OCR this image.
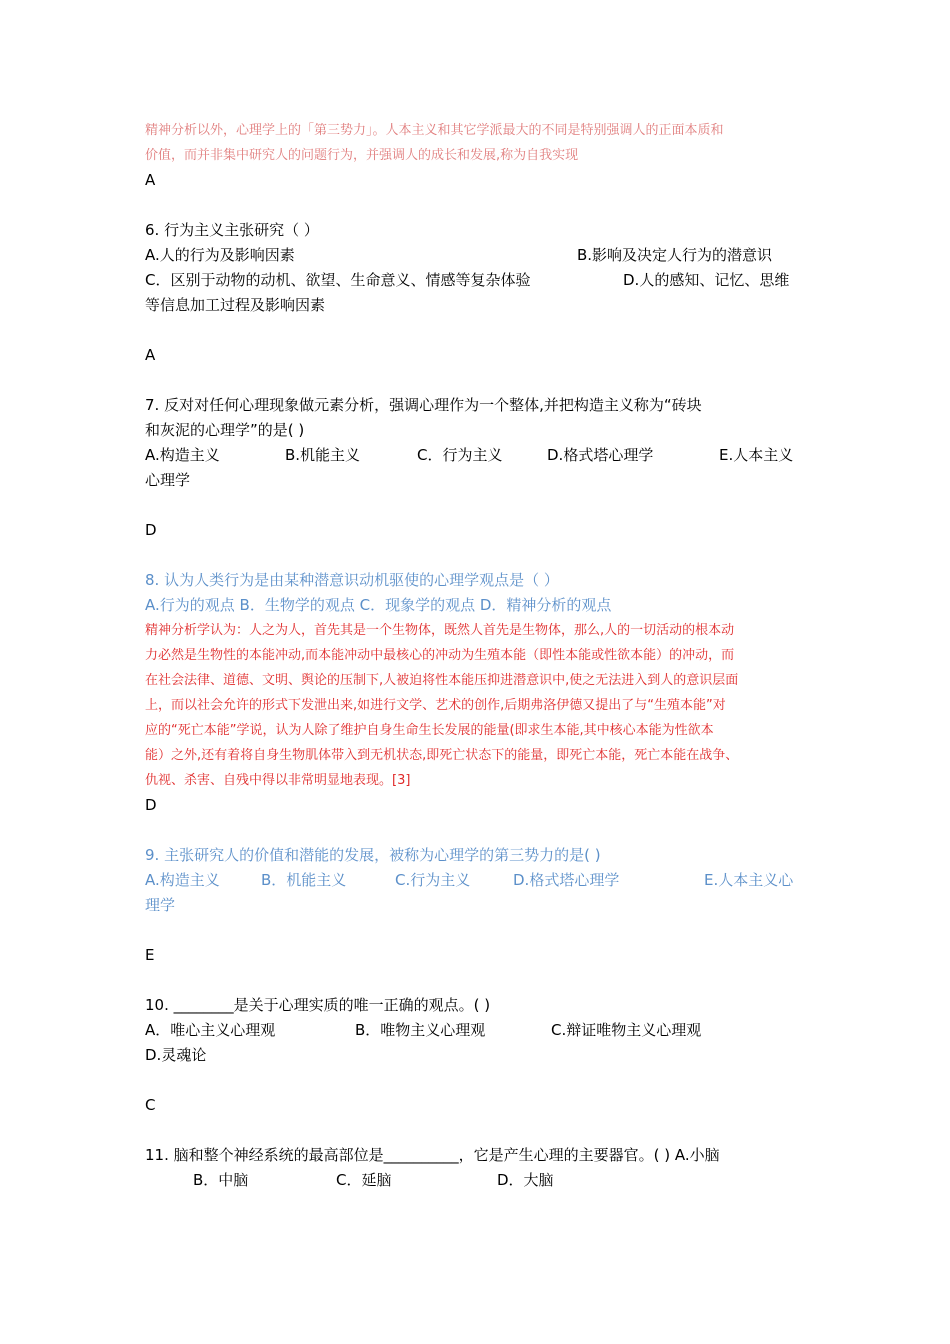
精神分析以外，心理学上的「第三势力」。人本主义和其它学派最大的不同是特别强调人的正面本质和
价值，而并非集中研究人的问题行为，并强调人的成长和发展,称为自我实现
A
6. 行为主义主张研究（ ）
A.人的行为及影响因素	B.影响及决定人行为的潜意识
C．区别于动物的动机、欲望、生命意义、情感等复杂体验	D.人的感知、记忆、思维
等信息加工过程及影响因素
A
7. 反对对任何心理现象做元素分析，强调心理作为一个整体,并把构造主义称为“砖块
和灰泥的心理学”的是( )
A.构造主义	B.机能主义	C．行为主义	D.格式塔心理学	E.人本主义
心理学
D
8. 认为人类行为是由某种潜意识动机驱使的心理学观点是（ ）
A.行为的观点 B．生物学的观点 C．现象学的观点 D．精神分析的观点
精神分析学认为：人之为人，首先其是一个生物体，既然人首先是生物体，那么,人的一切活动的根本动
力必然是生物性的本能冲动,而本能冲动中最核心的冲动为生殖本能（即性本能或性欲本能）的冲动，而
在社会法律、道德、文明、舆论的压制下,人被迫将性本能压抑进潜意识中,使之无法进入到人的意识层面
上，而以社会允许的形式下发泄出来,如进行文学、艺术的创作,后期弗洛伊德又提出了与“生殖本能”对
应的“死亡本能”学说，认为人除了维护自身生命生长发展的能量(即求生本能,其中核心本能为性欲本
能）之外,还有着将自身生物肌体带入到无机状态,即死亡状态下的能量，即死亡本能，死亡本能在战争、
仇视、杀害、自残中得以非常明显地表现。[3]
D
9. 主张研究人的价值和潜能的发展，被称为心理学的第三势力的是( )
A.构造主义	B．机能主义	C.行为主义	D.格式塔心理学	E.人本主义心
理学
E
10. ________是关于心理实质的唯一正确的观点。( )
A．唯心主义心理观	B．唯物主义心理观	C.辩证唯物主义心理观
D.灵魂论
C
11. 脑和整个神经系统的最高部位是__________，它是产生心理的主要器官。( ) A.小脑
B．中脑	C．延脑	D．大脑
